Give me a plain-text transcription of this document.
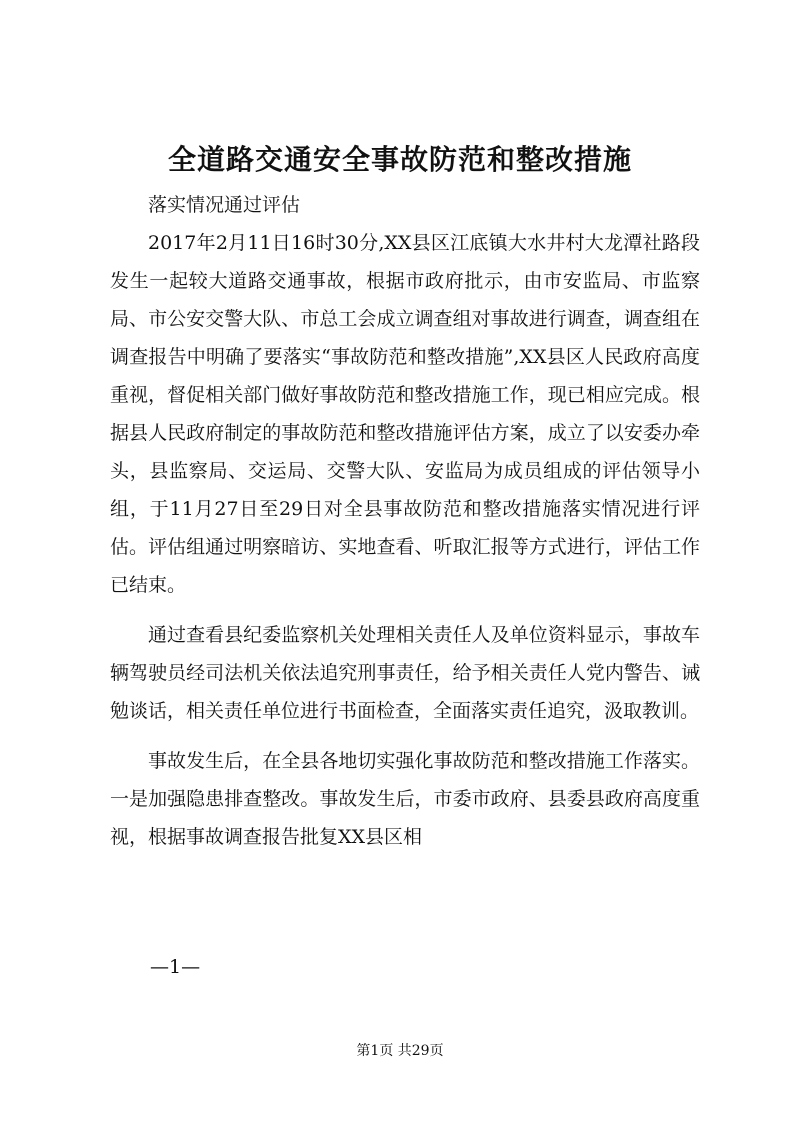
全道路交通安全事故防范和整改措施

落实情况通过评估

2017年2月11日16时30分,XX县区江底镇大水井村大龙潭社路段发生一起较大道路交通事故，根据市政府批示，由市安监局、市监察局、市公安交警大队、市总工会成立调查组对事故进行调查，调查组在调查报告中明确了要落实“事故防范和整改措施”,XX县区人民政府高度重视，督促相关部门做好事故防范和整改措施工作，现已相应完成。根据县人民政府制定的事故防范和整改措施评估方案，成立了以安委办牵头，县监察局、交运局、交警大队、安监局为成员组成的评估领导小组，于11月27日至29日对全县事故防范和整改措施落实情况进行评估。评估组通过明察暗访、实地查看、听取汇报等方式进行，评估工作已结束。

通过查看县纪委监察机关处理相关责任人及单位资料显示，事故车辆驾驶员经司法机关依法追究刑事责任，给予相关责任人党内警告、诫勉谈话，相关责任单位进行书面检查，全面落实责任追究，汲取教训。

事故发生后，在全县各地切实强化事故防范和整改措施工作落实。一是加强隐患排查整改。事故发生后，市委市政府、县委县政府高度重视，根据事故调查报告批复XX县区相

—1—
第1页 共29页
